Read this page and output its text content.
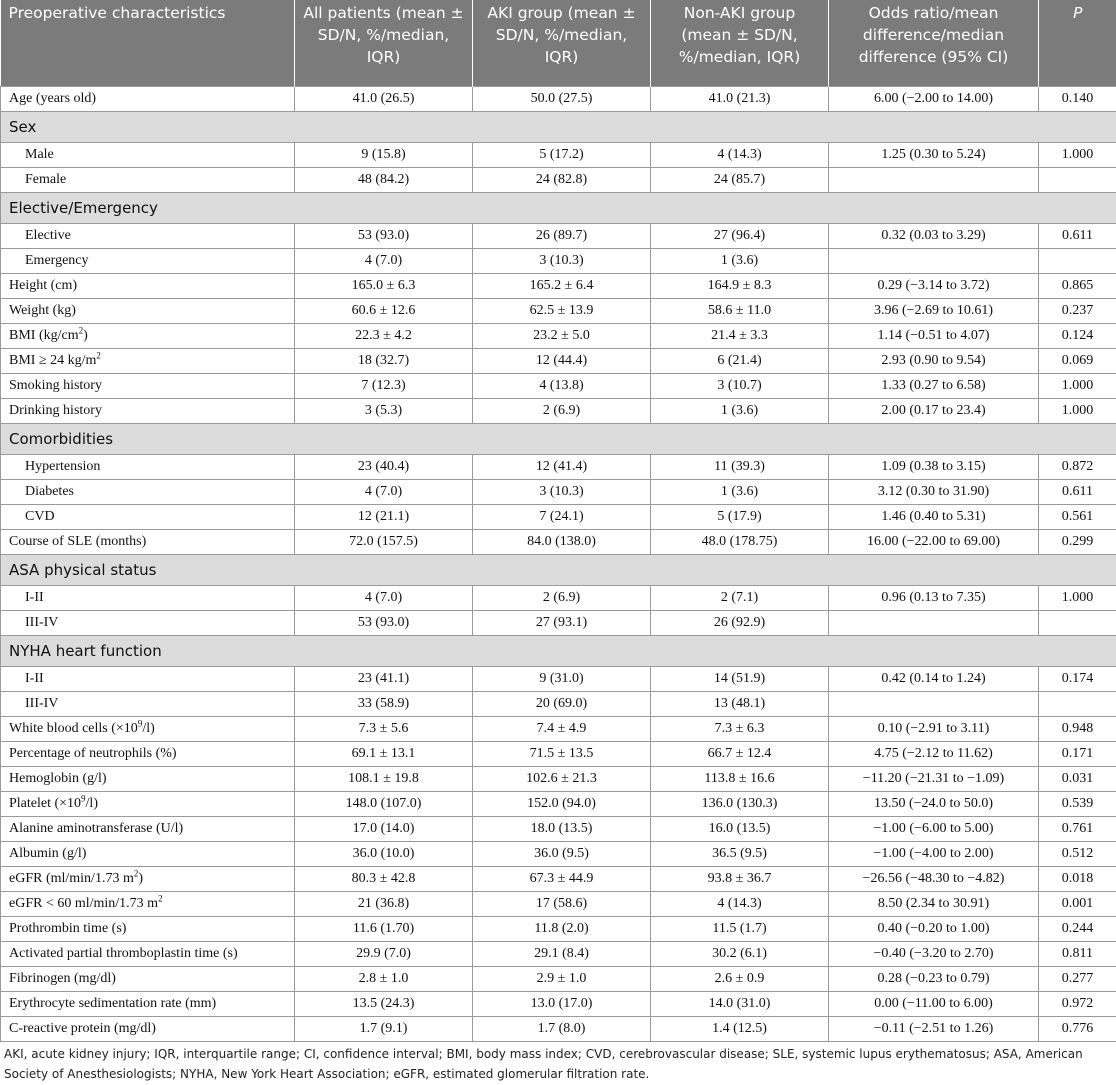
Preoperative characteristics	All patients (mean ± SD/N, %/median, IQR)	AKI group (mean ± SD/N, %/median, IQR)	Non-AKI group (mean ± SD/N, %/median, IQR)	Odds ratio/mean difference/median difference (95% CI)	P
Age (years old)	41.0 (26.5)	50.0 (27.5)	41.0 (21.3)	6.00 (−2.00 to 14.00)	0.140
Sex					
Male	9 (15.8)	5 (17.2)	4 (14.3)	1.25 (0.30 to 5.24)	1.000
Female	48 (84.2)	24 (82.8)	24 (85.7)		
Elective/Emergency					
Elective	53 (93.0)	26 (89.7)	27 (96.4)	0.32 (0.03 to 3.29)	0.611
Emergency	4 (7.0)	3 (10.3)	1 (3.6)		
Height (cm)	165.0 ± 6.3	165.2 ± 6.4	164.9 ± 8.3	0.29 (−3.14 to 3.72)	0.865
Weight (kg)	60.6 ± 12.6	62.5 ± 13.9	58.6 ± 11.0	3.96 (−2.69 to 10.61)	0.237
BMI $(kg/cm^2)$	22.3 ± 4.2	23.2 ± 5.0	21.4 ± 3.3	1.14 (−0.51 to 4.07)	0.124
BMI ≥ 24 $kg/m^2$	18 (32.7)	12 (44.4)	6 (21.4)	2.93 (0.90 to 9.54)	0.069
Smoking history	7 (12.3)	4 (13.8)	3 (10.7)	1.33 (0.27 to 6.58)	1.000
Drinking history	3 (5.3)	2 (6.9)	1 (3.6)	2.00 (0.17 to 23.4)	1.000
Comorbidities					
Hypertension	23 (40.4)	12 (41.4)	11 (39.3)	1.09 (0.38 to 3.15)	0.872
Diabetes	4 (7.0)	3 (10.3)	1 (3.6)	3.12 (0.30 to 31.90)	0.611
CVD	12 (21.1)	7 (24.1)	5 (17.9)	1.46 (0.40 to 5.31)	0.561
Course of SLE (months)	72.0 (157.5)	84.0 (138.0)	48.0 (178.75)	16.00 (−22.00 to 69.00)	0.299
ASA physical status					
I-II	4 (7.0)	2 (6.9)	2 (7.1)	0.96 (0.13 to 7.35)	1.000
III-IV	53 (93.0)	27 (93.1)	26 (92.9)		
NYHA heart function					
I-II	23 (41.1)	9 (31.0)	14 (51.9)	0.42 (0.14 to 1.24)	0.174
III-IV	33 (58.9)	20 (69.0)	13 (48.1)		
White blood cells $(\times 10^9/l)$	7.3 ± 5.6	7.4 ± 4.9	7.3 ± 6.3	0.10 (−2.91 to 3.11)	0.948
Percentage of neutrophils (%)	69.1 ± 13.1	71.5 ± 13.5	66.7 ± 12.4	4.75 (−2.12 to 11.62)	0.171
Hemoglobin (g/l)	108.1 ± 19.8	102.6 ± 21.3	113.8 ± 16.6	−11.20 (−21.31 to −1.09)	0.031
Platelet $(\times 10^9/l)$	148.0 (107.0)	152.0 (94.0)	136.0 (130.3)	13.50 (−24.0 to 50.0)	0.539
Alanine aminotransferase (U/l)	17.0 (14.0)	18.0 (13.5)	16.0 (13.5)	−1.00 (−6.00 to 5.00)	0.761
Albumin (g/l)	36.0 (10.0)	36.0 (9.5)	36.5 (9.5)	−1.00 (−4.00 to 2.00)	0.512
eGFR (ml/min/1.73 $m^2$)	80.3 ± 42.8	67.3 ± 44.9	93.8 ± 36.7	−26.56 (−48.30 to −4.82)	0.018
eGFR < 60 ml/min/1.73 $m^2$	21 (36.8)	17 (58.6)	4 (14.3)	8.50 (2.34 to 30.91)	0.001
Prothrombin time (s)	11.6 (1.70)	11.8 (2.0)	11.5 (1.7)	0.40 (−0.20 to 1.00)	0.244
Activated partial thromboplastin time (s)	29.9 (7.0)	29.1 (8.4)	30.2 (6.1)	−0.40 (−3.20 to 2.70)	0.811
Fibrinogen (mg/dl)	2.8 ± 1.0	2.9 ± 1.0	2.6 ± 0.9	0.28 (−0.23 to 0.79)	0.277
Erythrocyte sedimentation rate (mm)	13.5 (24.3)	13.0 (17.0)	14.0 (31.0)	0.00 (−11.00 to 6.00)	0.972
C-reactive protein (mg/dl)	1.7 (9.1)	1.7 (8.0)	1.4 (12.5)	−0.11 (−2.51 to 1.26)	0.776
AKI, acute kidney injury; IQR, interquartile range; CI, confidence interval; BMI, body mass index; CVD, cerebrovascular disease; SLE, systemic lupus erythematosus; ASA, American Society of Anesthesiologists; NYHA, New York Heart Association; eGFR, estimated glomerular filtration rate.
